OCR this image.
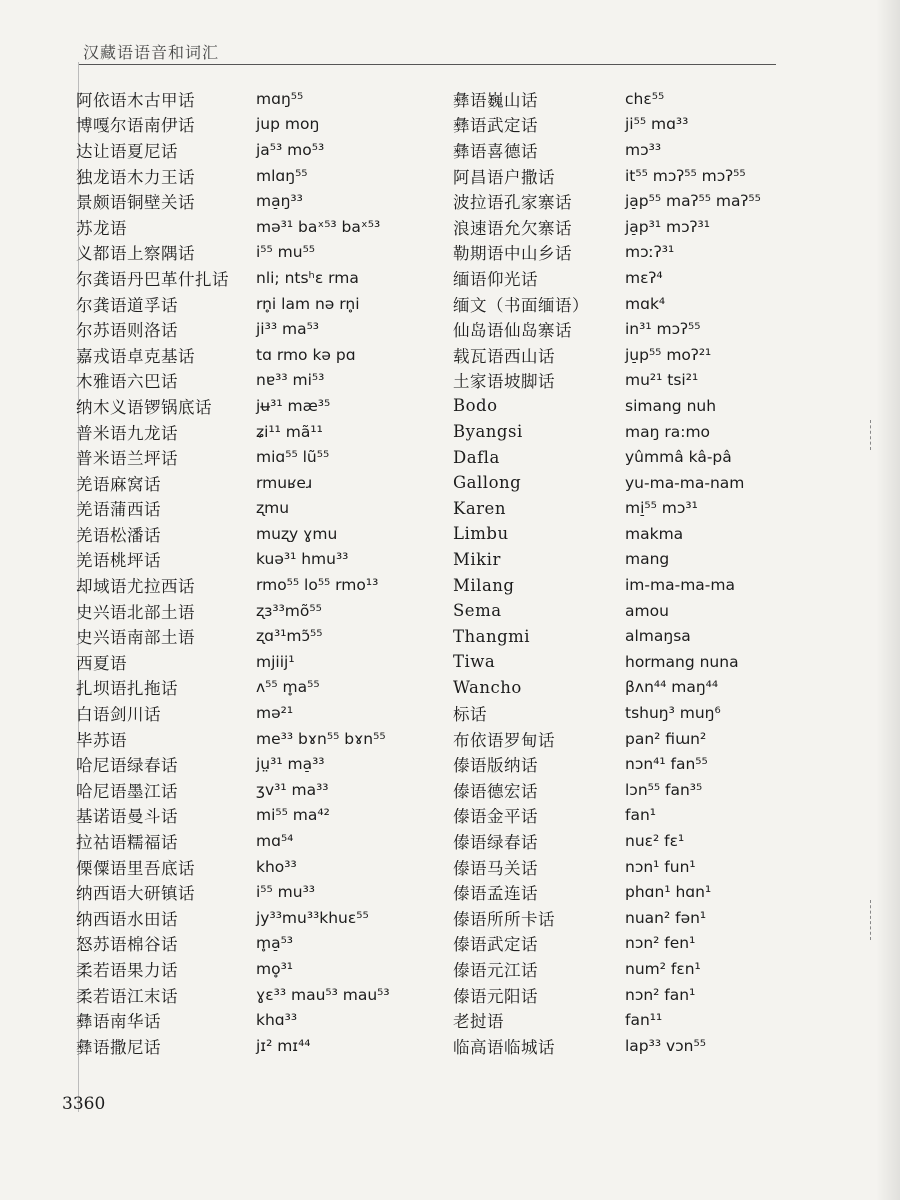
汉藏语语音和词汇
阿依语木古甲话	mɑŋ⁵⁵
博嘎尔语南伊话	jup moŋ
达让语夏尼话	ja⁵³ mo⁵³
独龙语木力王话	mlɑŋ⁵⁵
景颇语铜壁关话	ma̠ŋ³³
苏龙语	mə³¹ baˣ⁵³ baˣ⁵³
义都语上察隅话	i⁵⁵ mu⁵⁵
尔龚语丹巴革什扎话	nli; ntsʰɛ rma
尔龚语道孚话	rn̥i lam nə rn̥i
尔苏语则洛话	ji³³ ma⁵³
嘉戎语卓克基话	tɑ rmo kə pɑ
木雅语六巴话	nɐ³³ mi⁵³
纳木义语锣锅底话	jʉ³¹ mæ³⁵
普米语九龙话	ʑi¹¹ mã¹¹
普米语兰坪话	miɑ⁵⁵ lũ⁵⁵
羌语麻窝话	rmuʁeɹ
羌语蒲西话	ʐmu
羌语松潘话	muʐy ɣmu
羌语桃坪话	kuə³¹ hmu³³
却域语尤拉西话	rmo⁵⁵ lo⁵⁵ rmo¹³
史兴语北部土语	ʐɜ³³mõ⁵⁵
史兴语南部土语	ʐɑ³¹mɔ̃⁵⁵
西夏语	mjiij¹
扎坝语扎拖话	ʌ⁵⁵ m̥a⁵⁵
白语剑川话	mə²¹
毕苏语	me³³ bɤn⁵⁵ bɤn⁵⁵
哈尼语绿春话	jṳ³¹ ma̠³³
哈尼语墨江话	ʒv³¹ ma³³
基诺语曼斗话	mi⁵⁵ ma⁴²
拉祜语糯福话	mɑ⁵⁴
傈僳语里吾底话	kho³³
纳西语大研镇话	i⁵⁵ mu³³
纳西语水田话	jy³³mu³³khuɛ⁵⁵
怒苏语棉谷话	m̥a̠⁵³
柔若语果力话	mo̥³¹
柔若语江末话	ɣɛ³³ mau⁵³ mau⁵³
彝语南华话	khɑ³³
彝语撒尼话	jɪ² mɪ⁴⁴
彝语巍山话	chɛ⁵⁵
彝语武定话	ji⁵⁵ mɑ³³
彝语喜德话	mɔ³³
阿昌语户撒话	it⁵⁵ mɔʔ⁵⁵ mɔʔ⁵⁵
波拉语孔家寨话	ja̠p⁵⁵ maʔ⁵⁵ maʔ⁵⁵
浪速语允欠寨话	ja̠p³¹ mɔʔ³¹
勒期语中山乡话	mɔːʔ³¹
缅语仰光话	mɛʔ⁴
缅文（书面缅语）	mɑk⁴
仙岛语仙岛寨话	in³¹ mɔʔ⁵⁵
载瓦语西山话	ju̠p⁵⁵ moʔ²¹
土家语坡脚话	mu²¹ tsi²¹
Bodo	simang nuh
Byangsi	maŋ ra:mo
Dafla	yûmmâ kâ-pâ
Gallong	yu-ma-ma-nam
Karen	mi̠⁵⁵ mɔ³¹
Limbu	makma
Mikir	mang
Milang	im-ma-ma-ma
Sema	amou
Thangmi	almaŋsa
Tiwa	hormang nuna
Wancho	βʌn⁴⁴ maŋ⁴⁴
标话	tshuŋ³ muŋ⁶
布依语罗甸话	pan² fiɯn²
傣语版纳话	nɔn⁴¹ fan⁵⁵
傣语德宏话	lɔn⁵⁵ fan³⁵
傣语金平话	fan¹
傣语绿春话	nuɛ² fɛ¹
傣语马关话	nɔn¹ fun¹
傣语孟连话	phɑn¹ hɑn¹
傣语所所卡话	nuan² fən¹
傣语武定话	nɔn² fen¹
傣语元江话	num² fɛn¹
傣语元阳话	nɔn² fan¹
老挝语	fan¹¹
临高语临城话	lap³³ vɔn⁵⁵
3360
